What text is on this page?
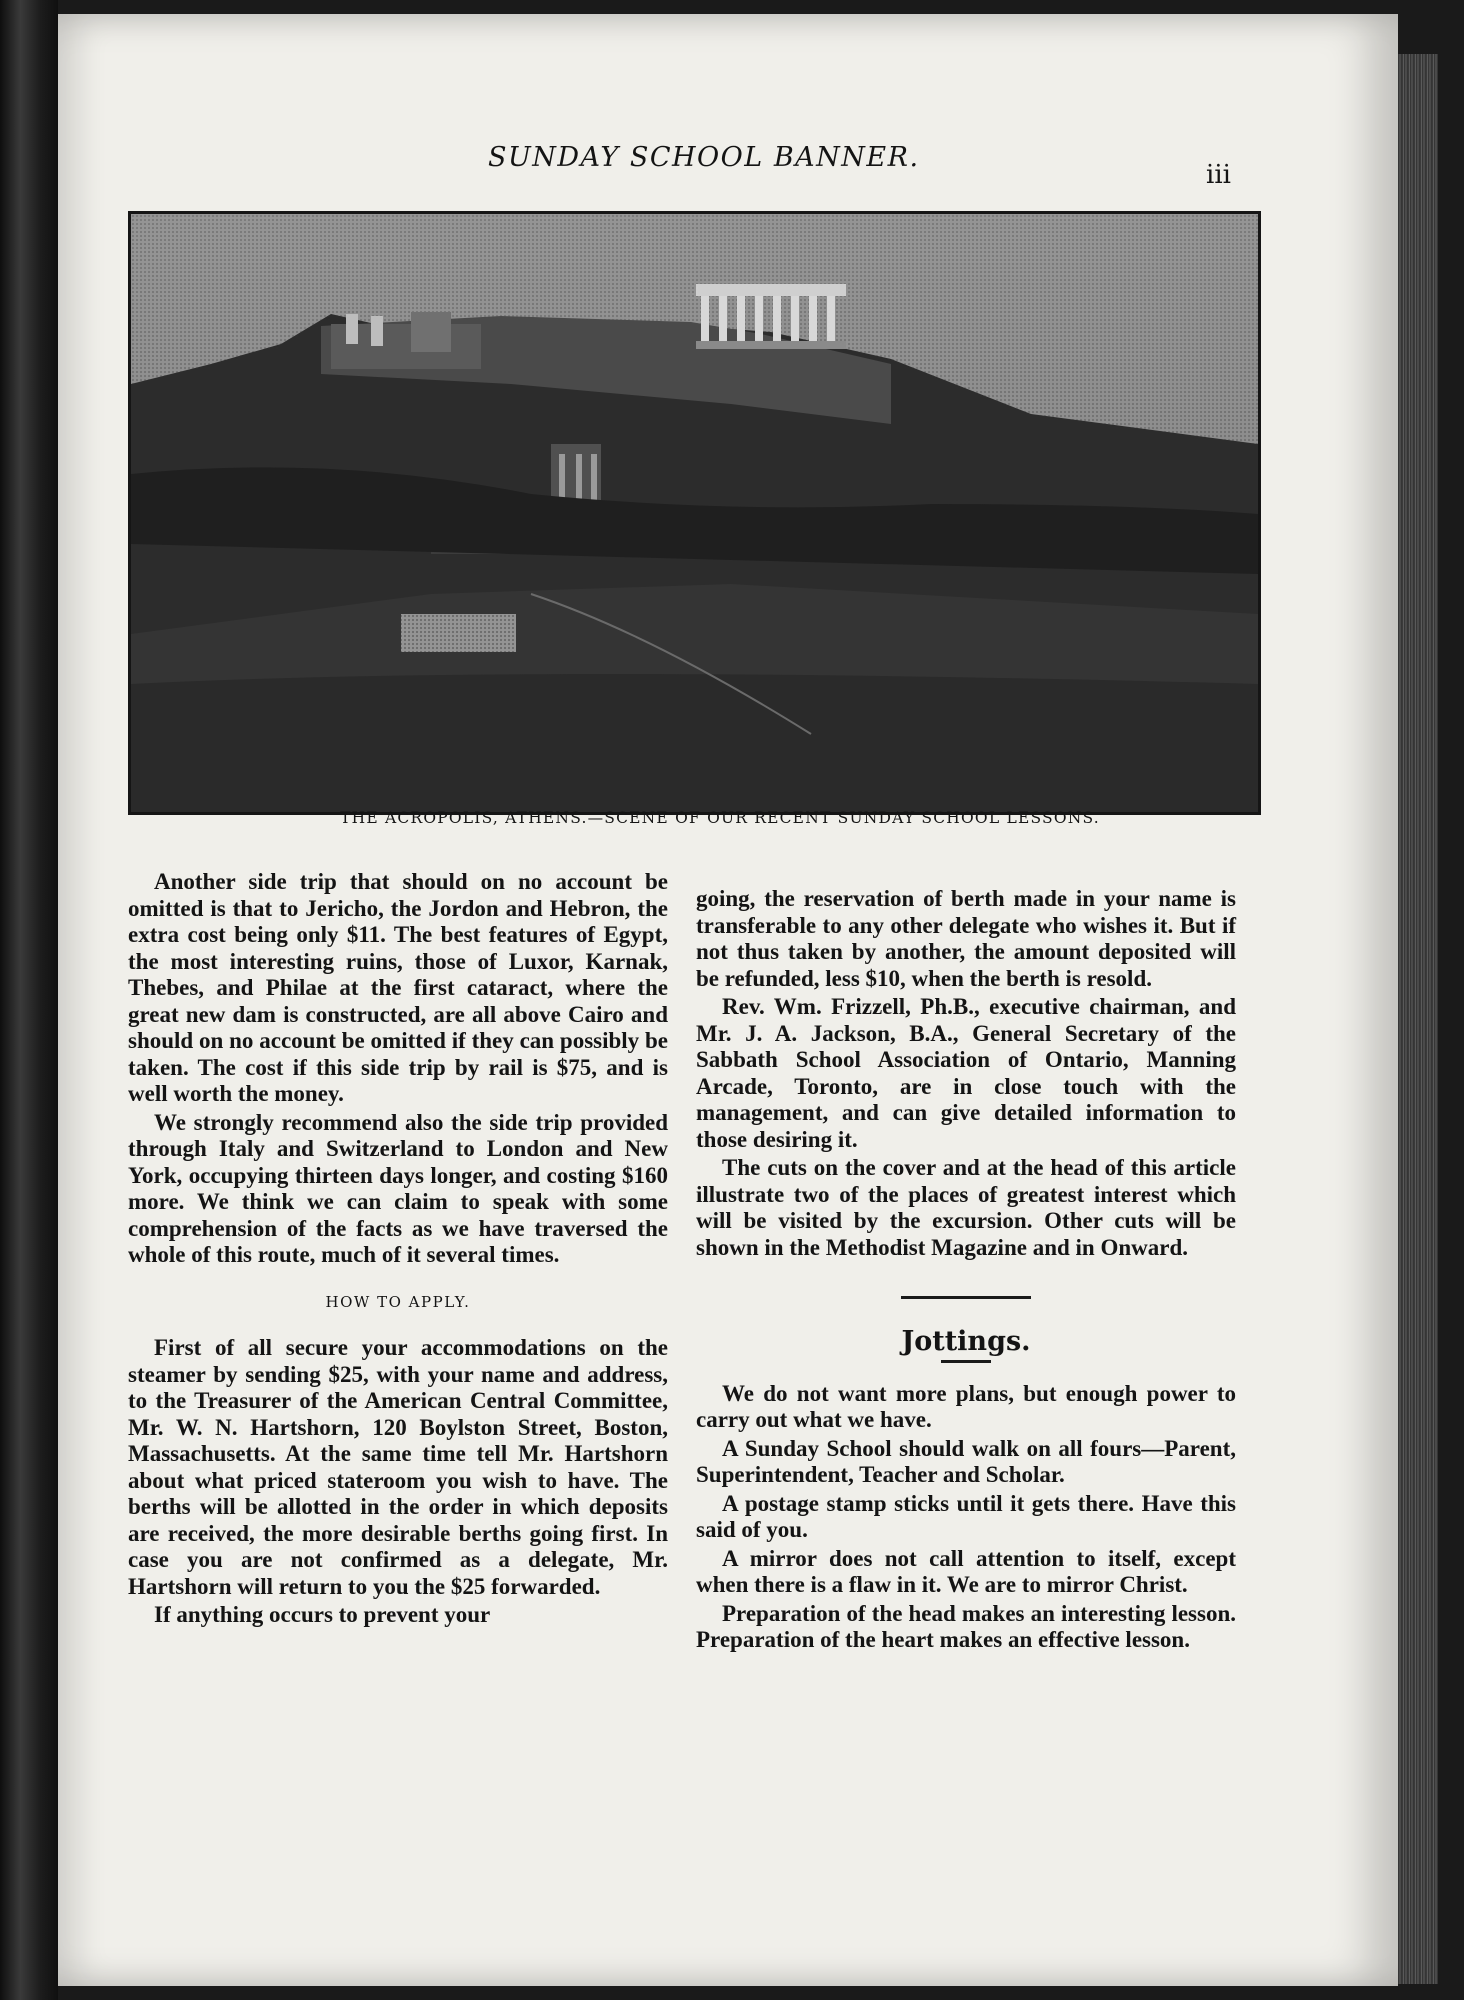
SUNDAY SCHOOL BANNER.
iii
THE ACROPOLIS, ATHENS.—SCENE OF OUR RECENT SUNDAY SCHOOL LESSONS.

Another side trip that should on no account be omitted is that to Jericho, the Jordon and Hebron, the extra cost being only $11. The best features of Egypt, the most interesting ruins, those of Luxor, Karnak, Thebes, and Philae at the first cataract, where the great new dam is constructed, are all above Cairo and should on no account be omitted if they can possibly be taken. The cost if this side trip by rail is $75, and is well worth the money.

We strongly recommend also the side trip provided through Italy and Switzerland to London and New York, occupying thirteen days longer, and costing $160 more. We think we can claim to speak with some comprehension of the facts as we have traversed the whole of this route, much of it several times.

HOW TO APPLY.

First of all secure your accommodations on the steamer by sending $25, with your name and address, to the Treasurer of the American Central Committee, Mr. W. N. Hartshorn, 120 Boylston Street, Boston, Massachusetts. At the same time tell Mr. Hartshorn about what priced stateroom you wish to have. The berths will be allotted in the order in which deposits are received, the more desirable berths going first. In case you are not confirmed as a delegate, Mr. Hartshorn will return to you the $25 forwarded.

If anything occurs to prevent your

going, the reservation of berth made in your name is transferable to any other delegate who wishes it. But if not thus taken by another, the amount deposited will be refunded, less $10, when the berth is resold.

Rev. Wm. Frizzell, Ph.B., executive chairman, and Mr. J. A. Jackson, B.A., General Secretary of the Sabbath School Association of Ontario, Manning Arcade, Toronto, are in close touch with the management, and can give detailed information to those desiring it.

The cuts on the cover and at the head of this article illustrate two of the places of greatest interest which will be visited by the excursion. Other cuts will be shown in the Methodist Magazine and in Onward.

Jottings.

We do not want more plans, but enough power to carry out what we have.

A Sunday School should walk on all fours—Parent, Superintendent, Teacher and Scholar.

A postage stamp sticks until it gets there. Have this said of you.

A mirror does not call attention to itself, except when there is a flaw in it. We are to mirror Christ.

Preparation of the head makes an interesting lesson. Preparation of the heart makes an effective lesson.
